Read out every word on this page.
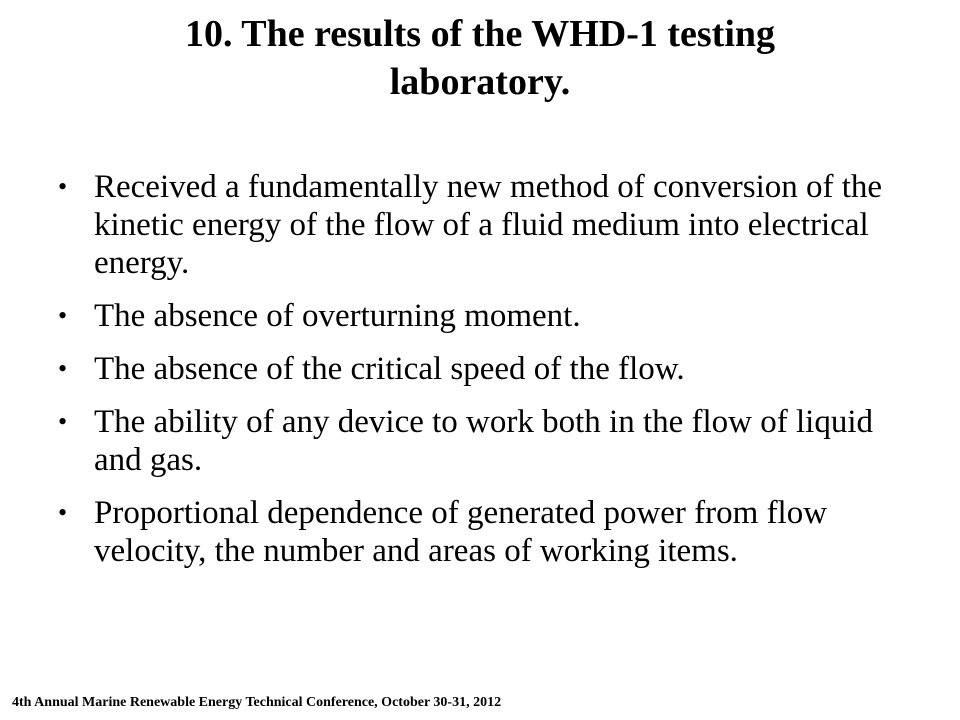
10. The results of the WHD-1 testing
laboratory.
• Received a fundamentally new method of conversion of the kinetic energy of the flow of a fluid medium into electrical energy.
• The absence of overturning moment.
• The absence of the critical speed of the flow.
• The ability of any device to work both in the flow of liquid and gas.
• Proportional dependence of generated power from flow velocity, the number and areas of working items.
4th Annual Marine Renewable Energy Technical Conference, October 30-31, 2012
